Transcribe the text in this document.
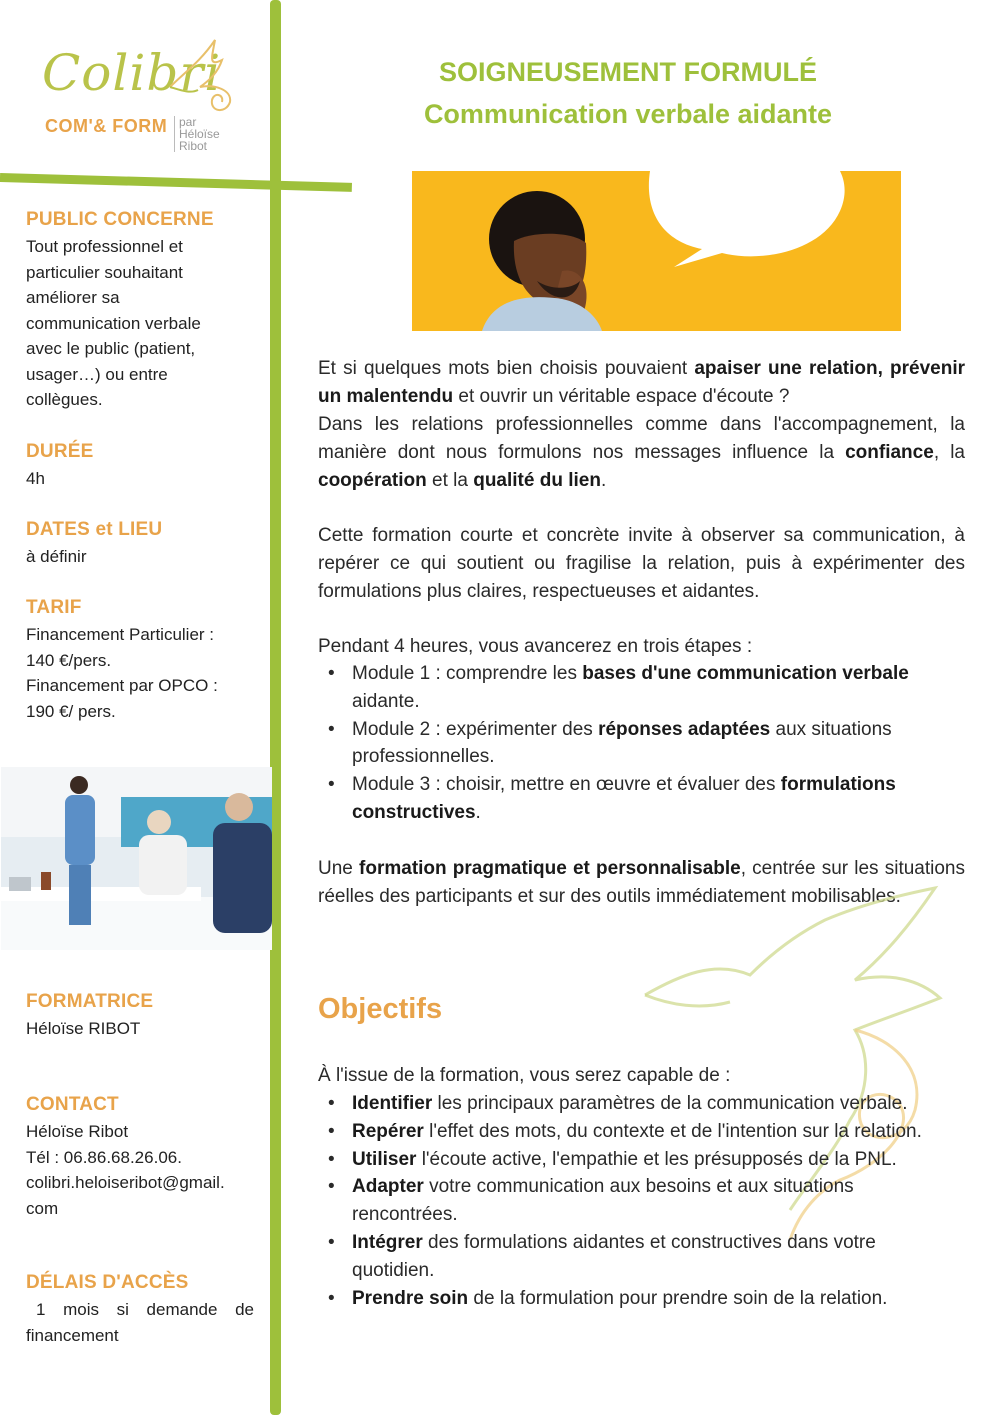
Colibri
COM'& FORM par
Héloïse
Ribot
PUBLIC CONCERNE
Tout professionnel et
particulier souhaitant
améliorer sa
communication verbale
avec le public (patient,
usager…) ou entre
collègues.
DURÉE
4h
DATES et LIEU
à définir
TARIF
Financement Particulier :
140 €/pers.
Financement par OPCO :
190 €/ pers.
FORMATRICE
Héloïse RIBOT
CONTACT
Héloïse Ribot
Tél : 06.86.68.26.06.
colibri.heloiseribot@gmail.
com
DÉLAIS D'ACCÈS
1 mois si demande de financement
SOIGNEUSEMENT FORMULÉ
Communication verbale aidante

Et si quelques mots bien choisis pouvaient apaiser une relation, prévenir un malentendu et ouvrir un véritable espace d'écoute ?

Dans les relations professionnelles comme dans l'accompagnement, la manière dont nous formulons nos messages influence la confiance, la coopération et la qualité du lien.

Cette formation courte et concrète invite à observer sa communication, à repérer ce qui soutient ou fragilise la relation, puis à expérimenter des formulations plus claires, respectueuses et aidantes.

Pendant 4 heures, vous avancerez en trois étapes :

• Module 1 : comprendre les bases d'une communication verbale aidante.
• Module 2 : expérimenter des réponses adaptées aux situations professionnelles.
• Module 3 : choisir, mettre en œuvre et évaluer des formulations constructives.

Une formation pragmatique et personnalisable, centrée sur les situations réelles des participants et sur des outils immédiatement mobilisables.

Objectifs

À l'issue de la formation, vous serez capable de :

• Identifier les principaux paramètres de la communication verbale.
• Repérer l'effet des mots, du contexte et de l'intention sur la relation.
• Utiliser l'écoute active, l'empathie et les présupposés de la PNL.
• Adapter votre communication aux besoins et aux situations rencontrées.
• Intégrer des formulations aidantes et constructives dans votre quotidien.
• Prendre soin de la formulation pour prendre soin de la relation.
